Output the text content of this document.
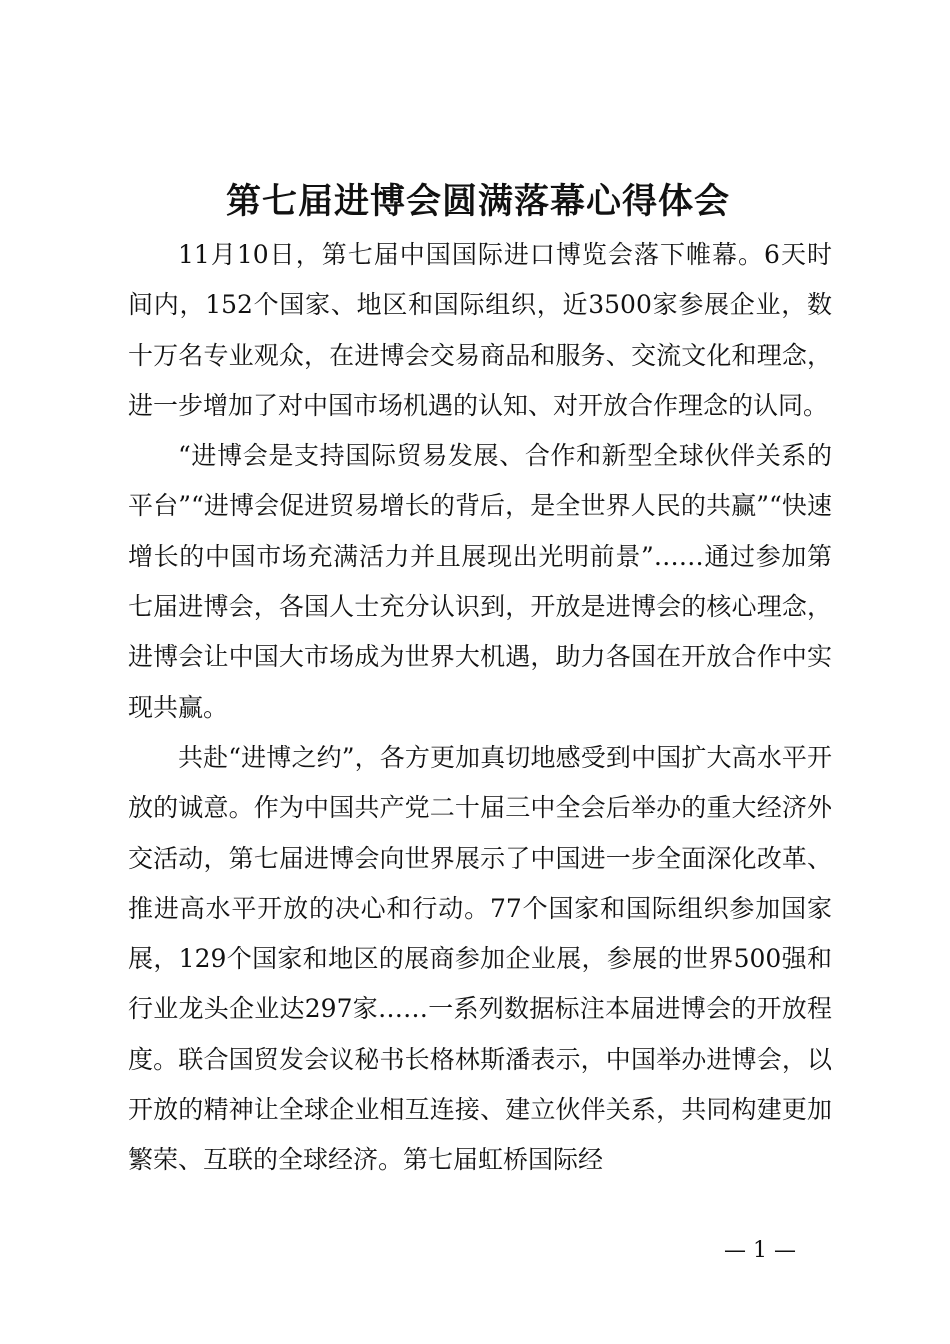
第七届进博会圆满落幕心得体会

11月10日，第七届中国国际进口博览会落下帷幕。6天时间内，152个国家、地区和国际组织，近3500家参展企业，数十万名专业观众，在进博会交易商品和服务、交流文化和理念，进一步增加了对中国市场机遇的认知、对开放合作理念的认同。

“进博会是支持国际贸易发展、合作和新型全球伙伴关系的平台”“进博会促进贸易增长的背后，是全世界人民的共赢”“快速增长的中国市场充满活力并且展现出光明前景”……通过参加第七届进博会，各国人士充分认识到，开放是进博会的核心理念，进博会让中国大市场成为世界大机遇，助力各国在开放合作中实现共赢。

共赴“进博之约”，各方更加真切地感受到中国扩大高水平开放的诚意。作为中国共产党二十届三中全会后举办的重大经济外交活动，第七届进博会向世界展示了中国进一步全面深化改革、推进高水平开放的决心和行动。77个国家和国际组织参加国家展，129个国家和地区的展商参加企业展，参展的世界500强和行业龙头企业达297家……一系列数据标注本届进博会的开放程度。联合国贸发会议秘书长格林斯潘表示，中国举办进博会，以开放的精神让全球企业相互连接、建立伙伴关系，共同构建更加繁荣、互联的全球经济。第七届虹桥国际经

— 1 —
